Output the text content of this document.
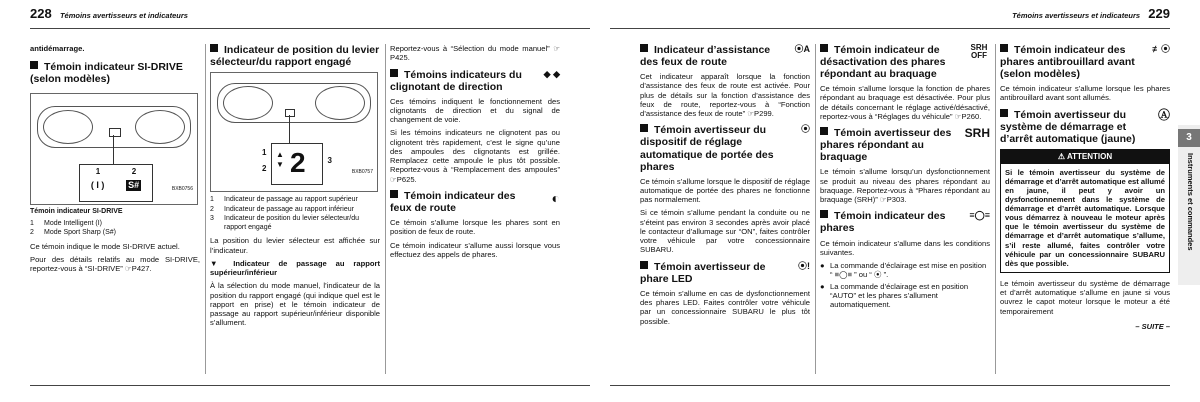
228 Témoins avertisseurs et indicateurs

antidémarrage.

Témoin indicateur SI-DRIVE (selon modèles)
1	2
( I )	S#	BXB0756
Témoin indicateur SI-DRIVE
1	Mode Intelligent (I)
2	Mode Sport Sharp (S#)

Ce témoin indique le mode SI-DRIVE actuel.

Pour des détails relatifs au mode SI-DRIVE, reportez-vous à “SI-DRIVE” ☞P427.

Indicateur de position du levier sélecteur/du rapport engagé
1
2
3
▲
▼ 2	BXB0757
1	Indicateur de passage au rapport supérieur
2	Indicateur de passage au rapport inférieur
3	Indicateur de position du levier sélecteur/du rapport engagé

La position du levier sélecteur est affichée sur l’indicateur.

▼ Indicateur de passage au rapport supérieur/inférieur

À la sélection du mode manuel, l’indicateur de la position du rapport engagé (qui indique quel est le rapport en prise) et le témoin indicateur de passage au rapport supérieur/inférieur disponible s’allument.

Reportez-vous à “Sélection du mode manuel” ☞P425.

Témoins indicateurs du clignotant de direction
◆ ◆

Ces témoins indiquent le fonctionnement des clignotants de direction et du signal de changement de voie.

Si les témoins indicateurs ne clignotent pas ou clignotent très rapidement, c’est le signe qu’une des ampoules des clignotants est grillée. Remplacez cette ampoule le plus tôt possible. Reportez-vous à “Remplacement des ampoules” ☞P625.

Témoin indicateur des feux de route
◐

Ce témoin s’allume lorsque les phares sont en position de feux de route.

Ce témoin indicateur s’allume aussi lorsque vous effectuez des appels de phares.

Témoins avertisseurs et indicateurs 229
Indicateur d’assistance des feux de route
⦿A

Cet indicateur apparaît lorsque la fonction d’assistance des feux de route est activée. Pour plus de détails sur la fonction d’assistance des feux de route, reportez-vous à “Fonction d’assistance des feux de route” ☞P299.

Témoin avertisseur du dispositif de réglage automatique de portée des phares
⦿

Ce témoin s’allume lorsque le dispositif de réglage automatique de portée des phares ne fonctionne pas normalement.

Si ce témoin s’allume pendant la conduite ou ne s’éteint pas environ 3 secondes après avoir placé le contacteur d’allumage sur “ON”, faites contrôler votre véhicule par votre concessionnaire SUBARU.

Témoin avertisseur de phare LED
⦿!

Ce témoin s’allume en cas de dysfonctionnement des phares LED. Faites contrôler votre véhicule par un concessionnaire SUBARU le plus tôt possible.

Témoin indicateur de désactivation des phares répondant au braquage
SRH OFF

Ce témoin s’allume lorsque la fonction de phares répondant au braquage est désactivée. Pour plus de détails concernant le réglage activé/désactivé, reportez-vous à “Réglages du véhicule” ☞P260.

Témoin avertisseur des phares répondant au braquage
SRH

Le témoin s’allume lorsqu’un dysfonctionnement se produit au niveau des phares répondant au braquage. Reportez-vous à “Phares répondant au braquage (SRH)” ☞P303.

Témoin indicateur des phares
≡◯≡

Ce témoin indicateur s’allume dans les conditions suivantes.

● La commande d’éclairage est mise en position “ ≡◯≡ ” ou “ ⦿ ”.
● La commande d’éclairage est en position “AUTO” et les phares s’allument automatiquement.
Témoin indicateur des phares antibrouillard avant (selon modèles)
≢⦿

Ce témoin indicateur s’allume lorsque les phares antibrouillard avant sont allumés.

Témoin avertisseur du système de démarrage et d’arrêt automatique (jaune)
Ⓐ
⚠ ATTENTION
Si le témoin avertisseur du système de démarrage et d’arrêt automatique est allumé en jaune, il peut y avoir un dysfonctionnement dans le système de démarrage et d’arrêt automatique. Lorsque vous démarrez à nouveau le moteur après que le témoin avertisseur du système de démarrage et d’arrêt automatique s’allume, s’il reste allumé, faites contrôler votre véhicule par un concessionnaire SUBARU dès que possible.

Le témoin avertisseur du système de démarrage et d’arrêt automatique s’allume en jaune si vous ouvrez le capot moteur lorsque le moteur a été temporairement

– SUITE –
3
Instruments et commandes
